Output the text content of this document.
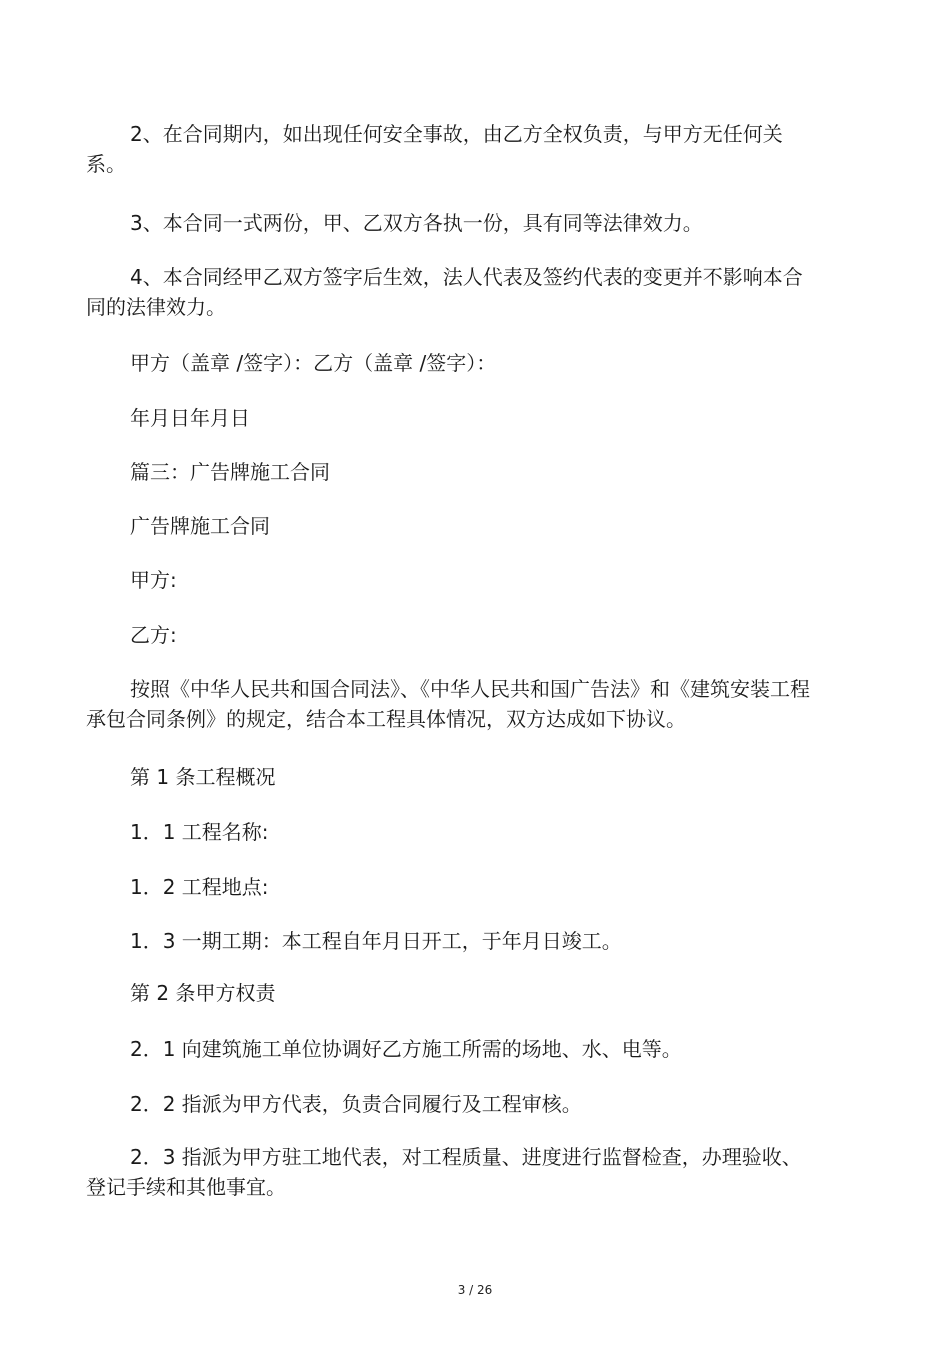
2、在合同期内，如出现任何安全事故，由乙方全权负责，与甲方无任何关系。

3、本合同一式两份，甲、乙双方各执一份，具有同等法律效力。

4、本合同经甲乙双方签字后生效，法人代表及签约代表的变更并不影响本合同的法律效力。

甲方（盖章 /签字）：乙方（盖章 /签字）：

年月日年月日

篇三：广告牌施工合同

广告牌施工合同

甲方:

乙方:

按照《中华人民共和国合同法》、《中华人民共和国广告法》和《建筑安装工程承包合同条例》的规定，结合本工程具体情况，双方达成如下协议。

第 1 条工程概况

1．1 工程名称:

1．2 工程地点:

1．3 一期工期：本工程自年月日开工，于年月日竣工。

第 2 条甲方权责

2．1 向建筑施工单位协调好乙方施工所需的场地、水、电等。

2．2 指派为甲方代表，负责合同履行及工程审核。

2．3 指派为甲方驻工地代表，对工程质量、进度进行监督检查，办理验收、登记手续和其他事宜。

3 / 26
